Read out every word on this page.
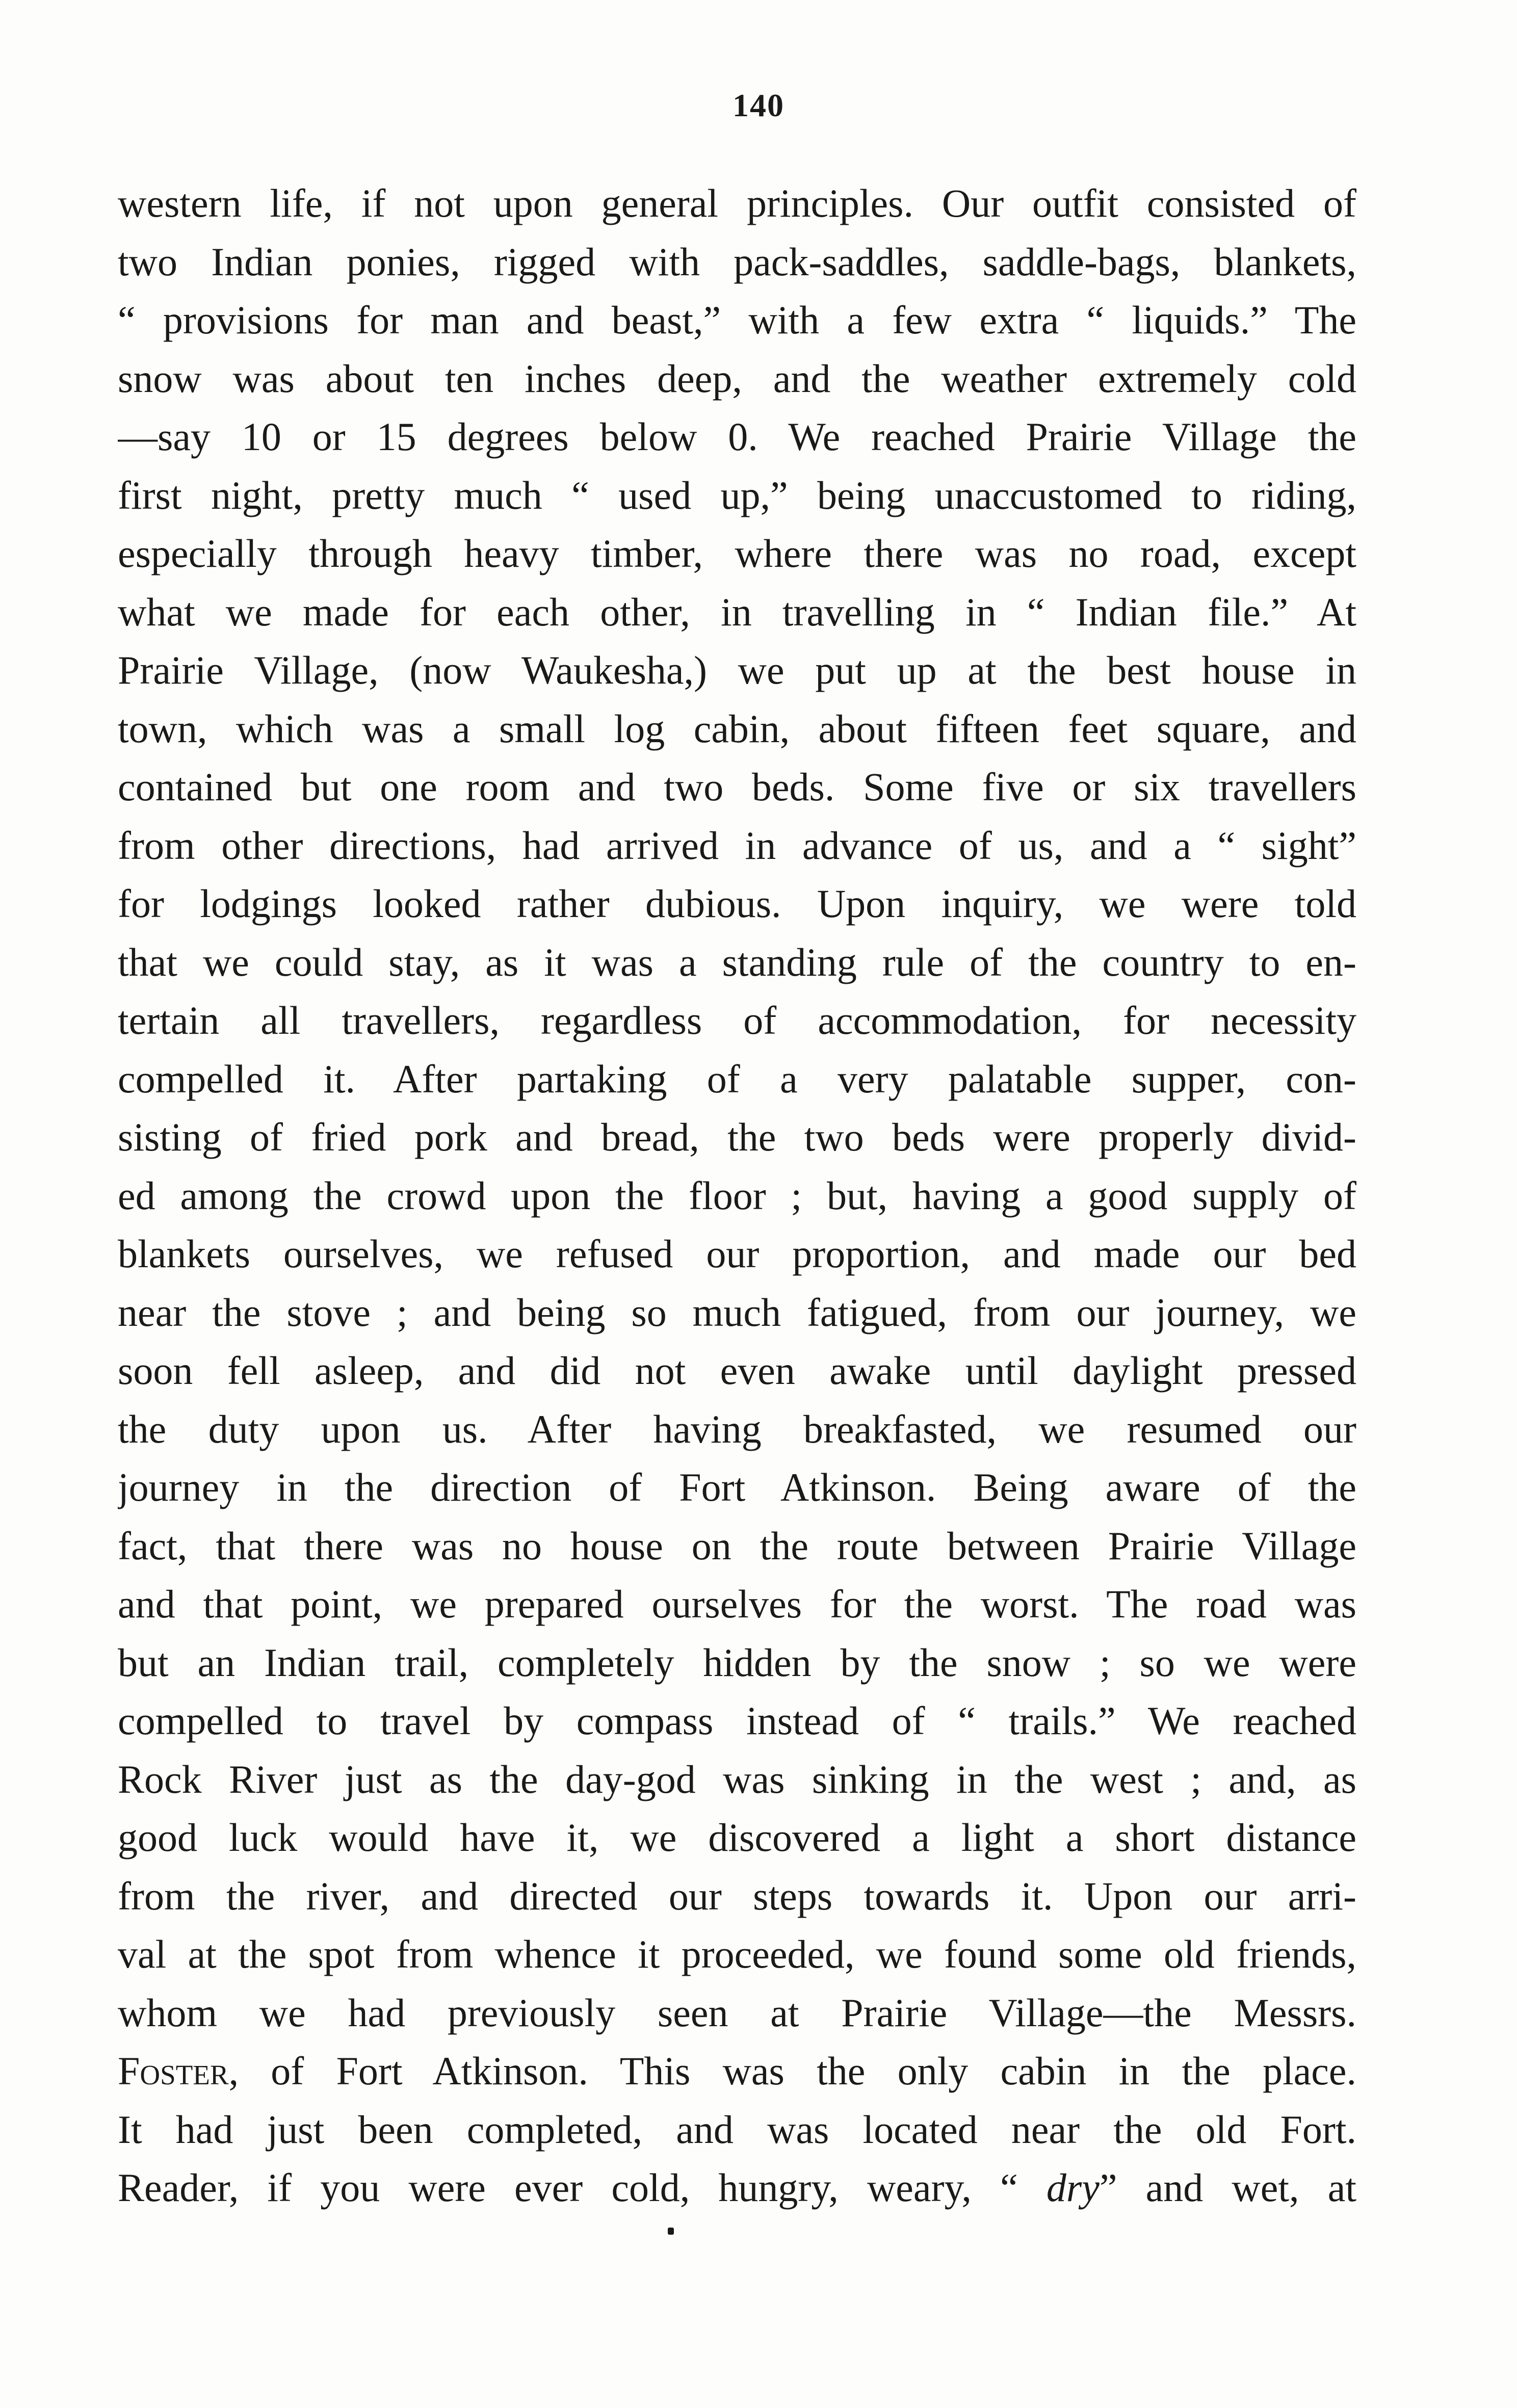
140
western life, if not upon general principles. Our outfit consisted of
two Indian ponies, rigged with pack-saddles, saddle-bags, blankets,
“ provisions for man and beast,” with a few extra “ liquids.” The
snow was about ten inches deep, and the weather extremely cold
—say 10 or 15 degrees below 0. We reached Prairie Village the
first night, pretty much “ used up,” being unaccustomed to riding,
especially through heavy timber, where there was no road, except
what we made for each other, in travelling in “ Indian file.” At
Prairie Village, (now Waukesha,) we put up at the best house in
town, which was a small log cabin, about fifteen feet square, and
contained but one room and two beds. Some five or six travellers
from other directions, had arrived in advance of us, and a “ sight”
for lodgings looked rather dubious. Upon inquiry, we were told
that we could stay, as it was a standing rule of the country to en-
tertain all travellers, regardless of accommodation, for necessity
compelled it. After partaking of a very palatable supper, con-
sisting of fried pork and bread, the two beds were properly divid-
ed among the crowd upon the floor ; but, having a good supply of
blankets ourselves, we refused our proportion, and made our bed
near the stove ; and being so much fatigued, from our journey, we
soon fell asleep, and did not even awake until daylight pressed
the duty upon us. After having breakfasted, we resumed our
journey in the direction of Fort Atkinson. Being aware of the
fact, that there was no house on the route between Prairie Village
and that point, we prepared ourselves for the worst. The road was
but an Indian trail, completely hidden by the snow ; so we were
compelled to travel by compass instead of “ trails.” We reached
Rock River just as the day-god was sinking in the west ; and, as
good luck would have it, we discovered a light a short distance
from the river, and directed our steps towards it. Upon our arri-
val at the spot from whence it proceeded, we found some old friends,
whom we had previously seen at Prairie Village—the Messrs.
Foster, of Fort Atkinson. This was the only cabin in the place.
It had just been completed, and was located near the old Fort.
Reader, if you were ever cold, hungry, weary, “ dry” and wet, at
